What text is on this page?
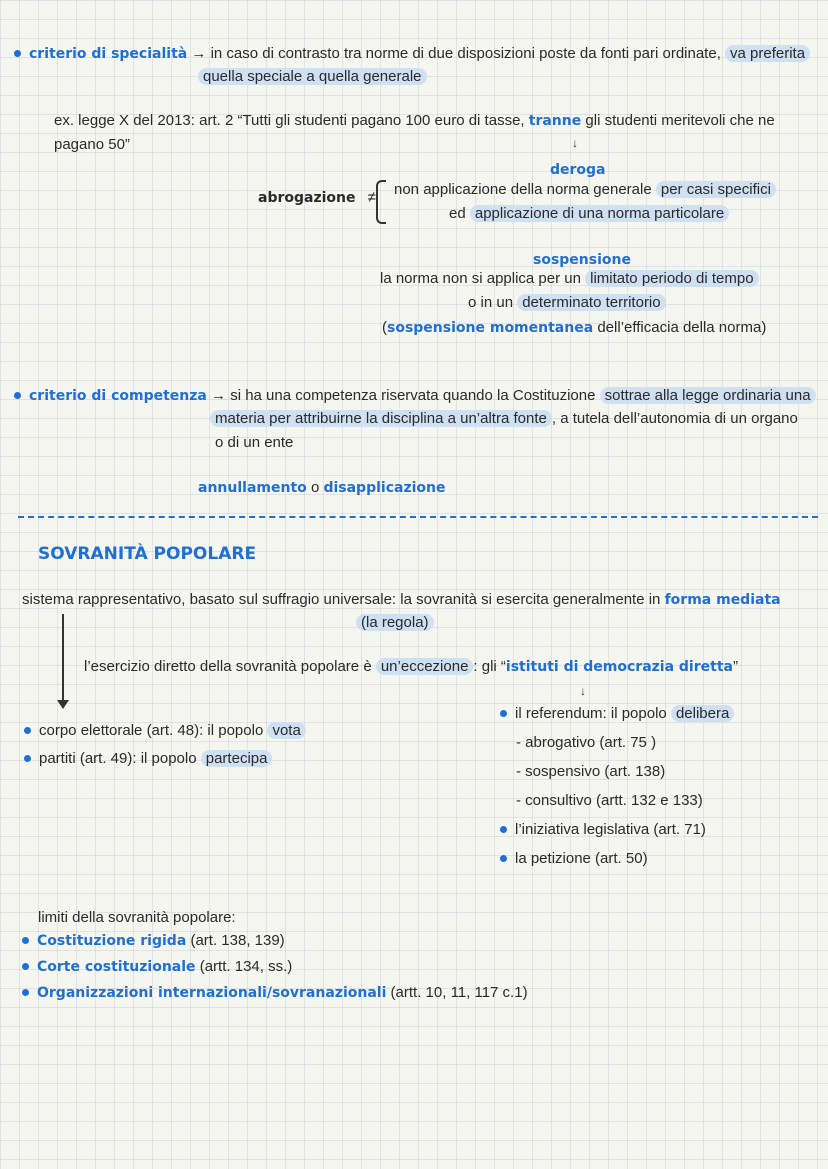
criterio di specialità → in caso di contrasto tra norme di due disposizioni poste da fonti pari ordinate, va preferita
quella speciale a quella generale
ex. legge X del 2013: art. 2 “Tutti gli studenti pagano 100 euro di tasse, tranne gli studenti meritevoli che ne
pagano 50”	↓
deroga
abrogazione ≠ non applicazione della norma generale per casi specifici
ed applicazione di una norma particolare
sospensione
la norma non si applica per un limitato periodo di tempo
o in un determinato territorio
(sospensione momentanea dell’efficacia della norma)
criterio di competenza → si ha una competenza riservata quando la Costituzione sottrae alla legge ordinaria una
materia per attribuirne la disciplina a un’altra fonte , a tutela dell’autonomia di un organo
o di un ente
annullamento o disapplicazione
SOVRANITÀ POPOLARE
sistema rappresentativo, basato sul suffragio universale: la sovranità si esercita generalmente in forma mediata
(la regola)
l’esercizio diretto della sovranità popolare è un’eccezione : gli “istituti di democrazia diretta”
↓
corpo elettorale (art. 48): il popolo vota
partiti (art. 49): il popolo partecipa
il referendum: il popolo delibera
- abrogativo (art. 75 )
- sospensivo (art. 138)
- consultivo (artt. 132 e 133)
l’iniziativa legislativa (art. 71)
la petizione (art. 50)
limiti della sovranità popolare:
Costituzione rigida (art. 138, 139)
Corte costituzionale (artt. 134, ss.)
Organizzazioni internazionali/sovranazionali (artt. 10, 11, 117 c.1)
